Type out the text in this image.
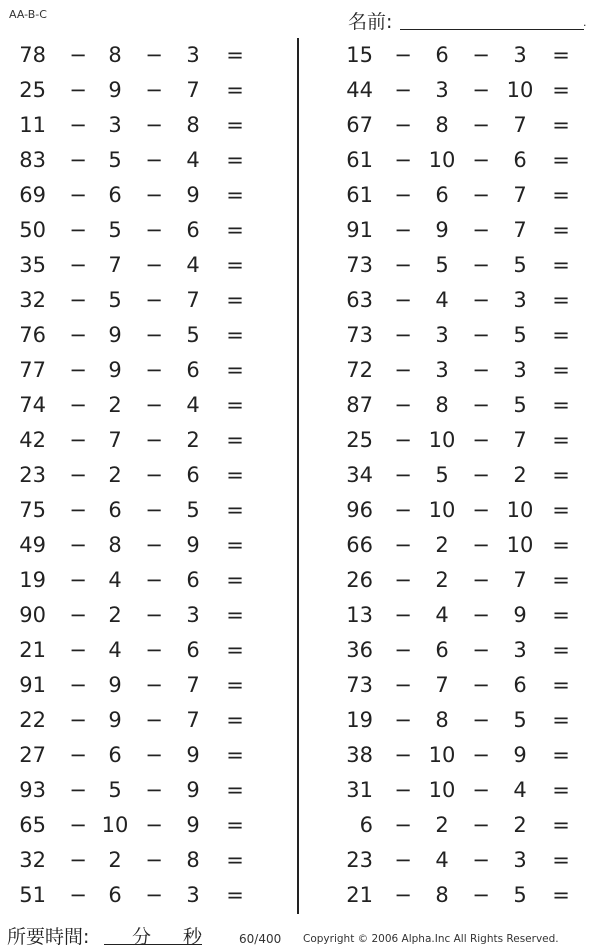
AA-B-C	名前:	.
78 −	8	−	3	=
25 −	9	−	7	=
11 −	3	−	8	=
83 −	5	−	4	=
69 −	6	−	9	=
50 −	5	−	6	=
35 −	7	−	4	=
32 −	5	−	7	=
76 −	9	−	5	=
77 −	9	−	6	=
74 −	2	−	4	=
42 −	7	−	2	=
23 −	2	−	6	=
75 −	6	−	5	=
49 −	8	−	9	=
19 −	4	−	6	=
90 −	2	−	3	=
21 −	4	−	6	=
91 −	9	−	7	=
22 −	9	−	7	=
27 −	6	−	9	=
93 −	5	−	9	=
65 − 10 −	9	=
32 −	2	−	8	=
51 −	6	−	3	=
15 −	6	−	3	=
44 −	3	− 10 =
67 −	8	−	7	=
61 − 10 −	6	=
61 −	6	−	7	=
91 −	9	−	7	=
73 −	5	−	5	=
63 −	4	−	3	=
73 −	3	−	5	=
72 −	3	−	3	=
87 −	8	−	5	=
25 − 10 −	7	=
34 −	5	−	2	=
96 − 10 − 10 =
66 −	2	− 10 =
26 −	2	−	7	=
13 −	4	−	9	=
36 −	6	−	3	=
73 −	7	−	6	=
19 −	8	−	5	=
38 − 10 −	9	=
31 − 10 −	4	=
6 −	2	−	2	=
23 −	4	−	3	=
21 −	8	−	5	=
所要時間: 分 秒	60/400 Copyright © 2006 Alpha.Inc All Rights Reserved.
